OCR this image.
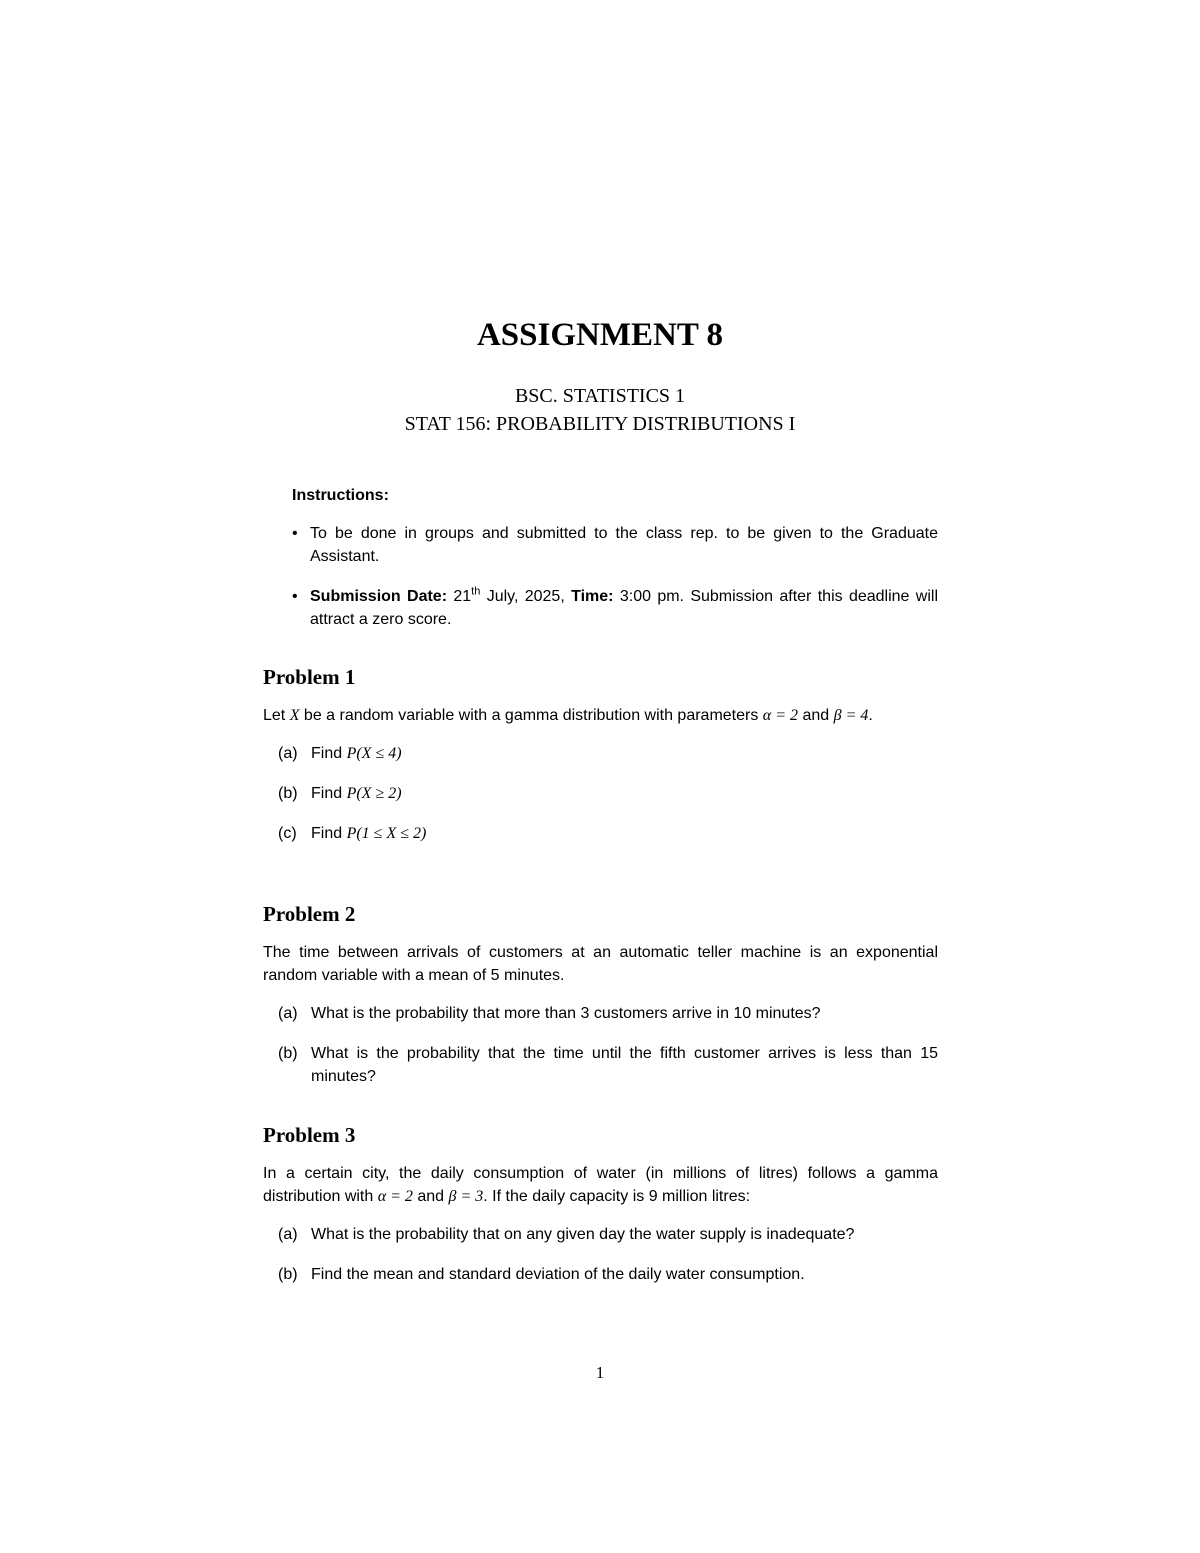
ASSIGNMENT 8
BSC. STATISTICS 1
STAT 156: PROBABILITY DISTRIBUTIONS I
Instructions:
• To be done in groups and submitted to the class rep. to be given to the Graduate Assistant.
• Submission Date: 21th July, 2025, Time: 3:00 pm. Submission after this deadline will attract a zero score.
Problem 1

Let X be a random variable with a gamma distribution with parameters α = 2 and β = 4.

(a) Find P(X ≤ 4)
(b) Find P(X ≥ 2)
(c) Find P(1 ≤ X ≤ 2)
Problem 2

The time between arrivals of customers at an automatic teller machine is an exponential random variable with a mean of 5 minutes.

(a) What is the probability that more than 3 customers arrive in 10 minutes?
(b) What is the probability that the time until the fifth customer arrives is less than 15 minutes?
Problem 3

In a certain city, the daily consumption of water (in millions of litres) follows a gamma distribution with α = 2 and β = 3. If the daily capacity is 9 million litres:

(a) What is the probability that on any given day the water supply is inadequate?
(b) Find the mean and standard deviation of the daily water consumption.
1
